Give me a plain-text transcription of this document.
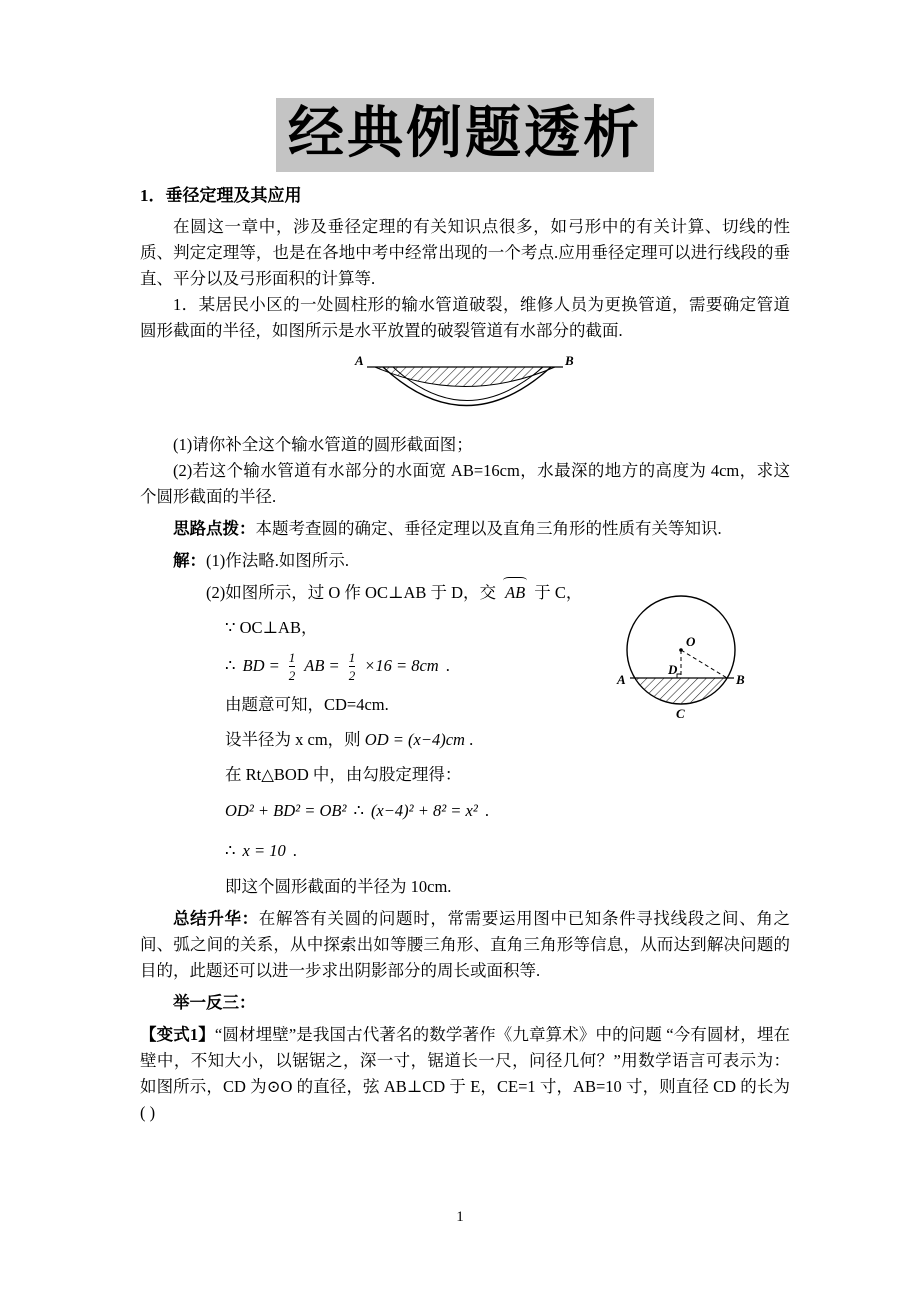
经典例题透析
1．垂径定理及其应用

在圆这一章中，涉及垂径定理的有关知识点很多，如弓形中的有关计算、切线的性质、判定定理等，也是在各地中考中经常出现的一个考点.应用垂径定理可以进行线段的垂直、平分以及弓形面积的计算等.

1．某居民小区的一处圆柱形的输水管道破裂，维修人员为更换管道，需要确定管道圆形截面的半径，如图所示是水平放置的破裂管道有水部分的截面.

A	B

(1)请你补全这个输水管道的圆形截面图；

(2)若这个输水管道有水部分的水面宽 AB=16cm，水最深的地方的高度为 4cm，求这个圆形截面的半径.

思路点拨：本题考查圆的确定、垂径定理以及直角三角形的性质有关等知识.

解：(1)作法略.如图所示.

(2)如图所示，过 O 作 OC⊥AB 于 D，交 AB 于 C，

∵ OC⊥AB，

∴ BD = $\frac{1}{2}$ AB = $\frac{1}{2} \times 16 = 8cm$ .

由题意可知，CD=4cm.

设半径为 x cm，则 OD = (x−4)cm .

在 Rt△BOD 中，由勾股定理得：

OD² + BD² = OB² ∴ (x−4)² + 8² = x² .
∴ x = 10 .

即这个圆形截面的半径为 10cm.

总结升华：在解答有关圆的问题时，常需要运用图中已知条件寻找线段之间、角之间、弧之间的关系，从中探索出如等腰三角形、直角三角形等信息，从而达到解决问题的目的，此题还可以进一步求出阴影部分的周长或面积等.

举一反三：

【变式1】“圆材埋壁”是我国古代著名的数学著作《九章算术》中的问题 “今有圆材，埋在壁中，不知大小，以锯锯之，深一寸，锯道长一尺，问径几何？”用数学语言可表示为：如图所示，CD 为⊙O 的直径，弦 AB⊥CD 于 E，CE=1 寸，AB=10 寸，则直径 CD 的长为( )

O
A
D
B
C
1
